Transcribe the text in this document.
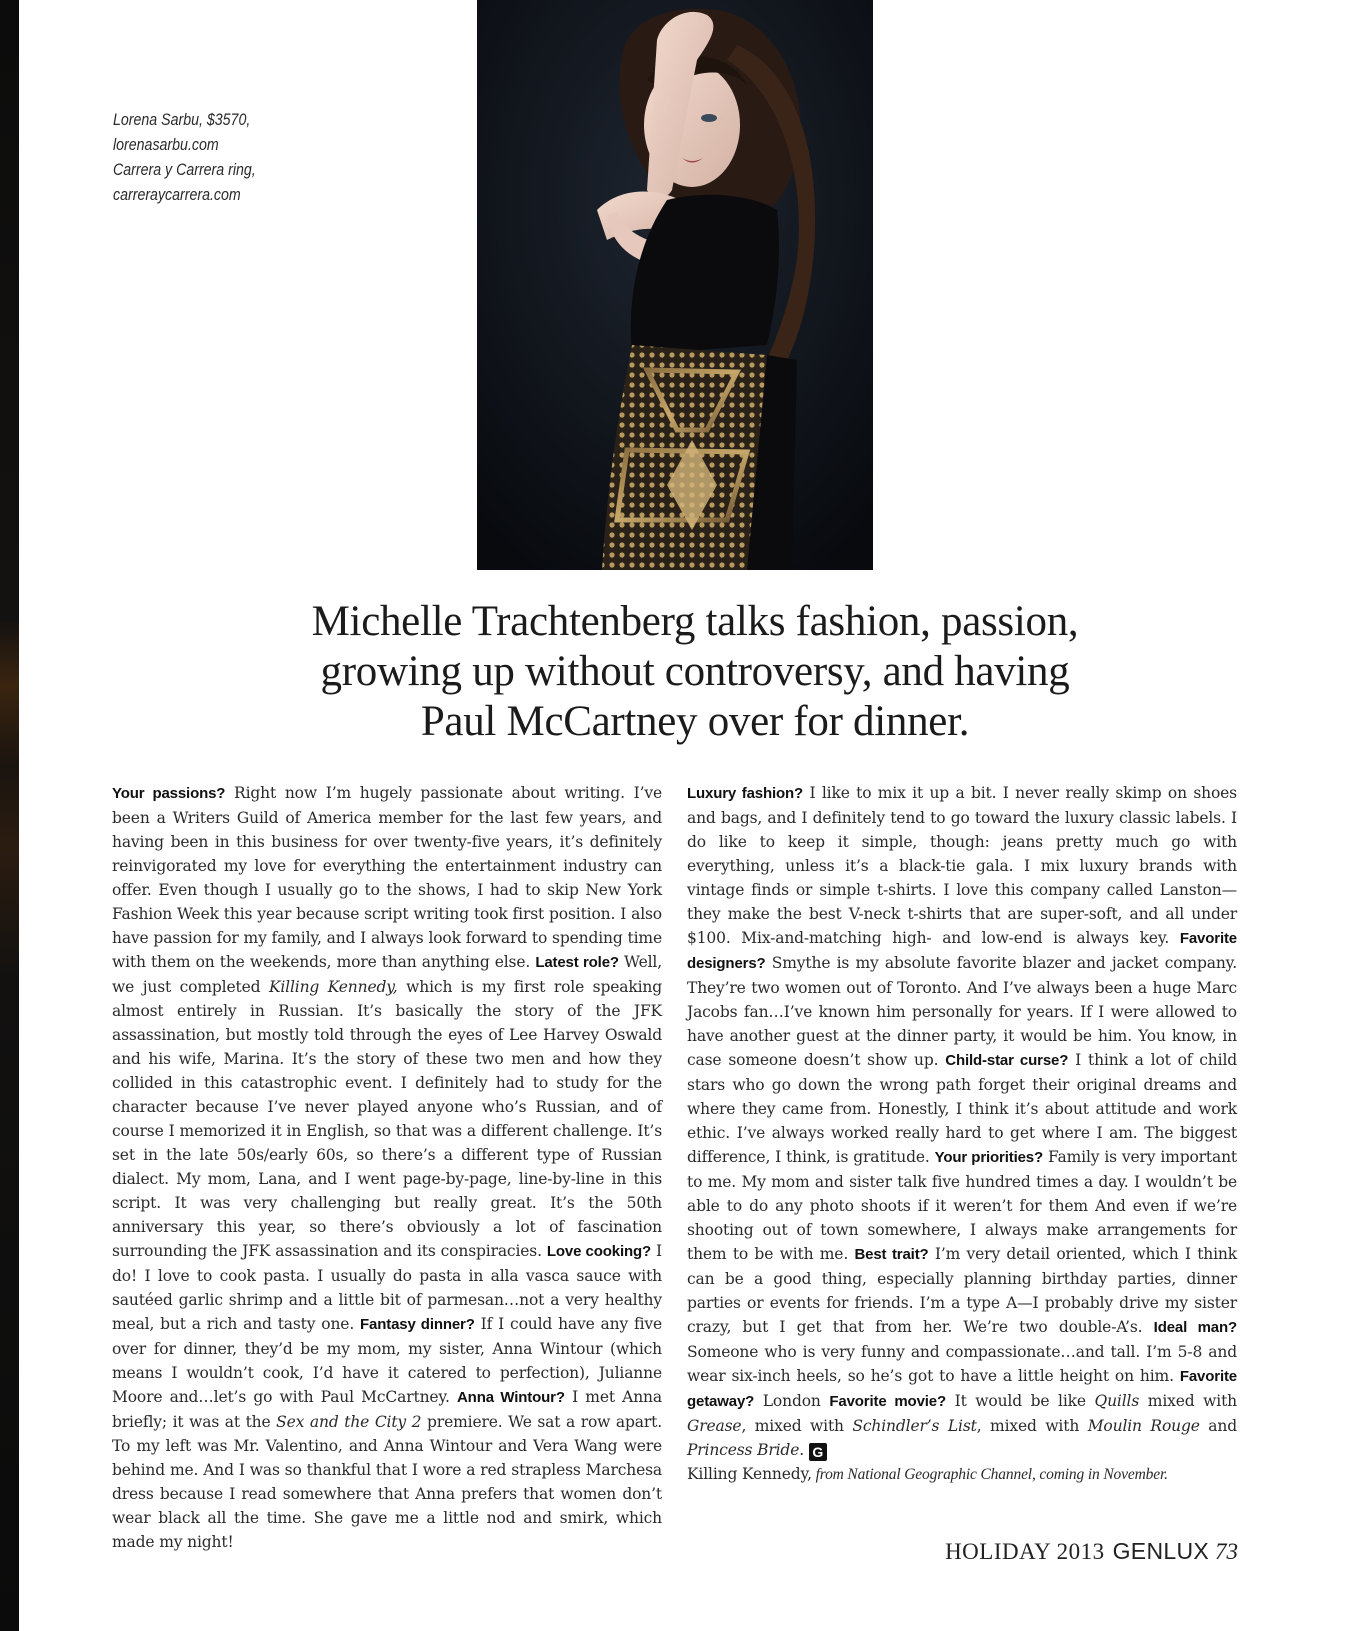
Lorena Sarbu, $3570,
lorenasarbu.com
Carrera y Carrera ring,
carreraycarrera.com
Michelle Trachtenberg talks fashion, passion,
growing up without controversy, and having
Paul McCartney over for dinner.

Your passions? Right now I’m hugely passionate about writing. I’ve been a Writers Guild of America member for the last few years, and having been in this business for over twenty-five years, it’s definitely reinvigorated my love for everything the entertainment industry can offer. Even though I usually go to the shows, I had to skip New York Fashion Week this year because script writing took first position. I also have passion for my family, and I always look forward to spending time with them on the weekends, more than anything else. Latest role? Well, we just completed Killing Kennedy, which is my first role speaking almost entirely in Russian. It’s basically the story of the JFK assassination, but mostly told through the eyes of Lee Harvey Oswald and his wife, Marina. It’s the story of these two men and how they collided in this catastrophic event. I definitely had to study for the character because I’ve never played anyone who’s Russian, and of course I memorized it in English, so that was a different challenge. It’s set in the late 50s/early 60s, so there’s a different type of Russian dialect. My mom, Lana, and I went page-by-page, line-by-line in this script. It was very challenging but really great. It’s the 50th anniversary this year, so there’s obviously a lot of fascination surrounding the JFK assassination and its conspiracies. Love cooking? I do! I love to cook pasta. I usually do pasta in alla vasca sauce with sautéed garlic shrimp and a little bit of parmesan…not a very healthy meal, but a rich and tasty one. Fantasy dinner? If I could have any five over for dinner, they’d be my mom, my sister, Anna Wintour (which means I wouldn’t cook, I’d have it catered to perfection), Julianne Moore and…let’s go with Paul McCartney. Anna Wintour? I met Anna briefly; it was at the Sex and the City 2 premiere. We sat a row apart. To my left was Mr. Valentino, and Anna Wintour and Vera Wang were behind me. And I was so thankful that I wore a red strapless Marchesa dress because I read somewhere that Anna prefers that women don’t wear black all the time. She gave me a little nod and smirk, which made my night!

Luxury fashion? I like to mix it up a bit. I never really skimp on shoes and bags, and I definitely tend to go toward the luxury classic labels. I do like to keep it simple, though: jeans pretty much go with everything, unless it’s a black-tie gala. I mix luxury brands with vintage finds or simple t-shirts. I love this company called Lanston—they make the best V-neck t-shirts that are super-soft, and all under $100. Mix-and-matching high- and low-end is always key. Favorite designers? Smythe is my absolute favorite blazer and jacket company. They’re two women out of Toronto. And I’ve always been a huge Marc Jacobs fan…I’ve known him personally for years. If I were allowed to have another guest at the dinner party, it would be him. You know, in case someone doesn’t show up. Child-star curse? I think a lot of child stars who go down the wrong path forget their original dreams and where they came from. Honestly, I think it’s about attitude and work ethic. I’ve always worked really hard to get where I am. The biggest difference, I think, is gratitude. Your priorities? Family is very important to me. My mom and sister talk five hundred times a day. I wouldn’t be able to do any photo shoots if it weren’t for them And even if we’re shooting out of town somewhere, I always make arrangements for them to be with me. Best trait? I’m very detail oriented, which I think can be a good thing, especially planning birthday parties, dinner parties or events for friends. I’m a type A—I probably drive my sister crazy, but I get that from her. We’re two double-A’s. Ideal man? Someone who is very funny and compassionate…and tall. I’m 5-8 and wear six-inch heels, so he’s got to have a little height on him. Favorite getaway? London Favorite movie? It would be like Quills mixed with Grease, mixed with Schindler’s List, mixed with Moulin Rouge and Princess Bride. G

Killing Kennedy, from National Geographic Channel, coming in November.

HOLIDAY 2013 GENLUX 73
